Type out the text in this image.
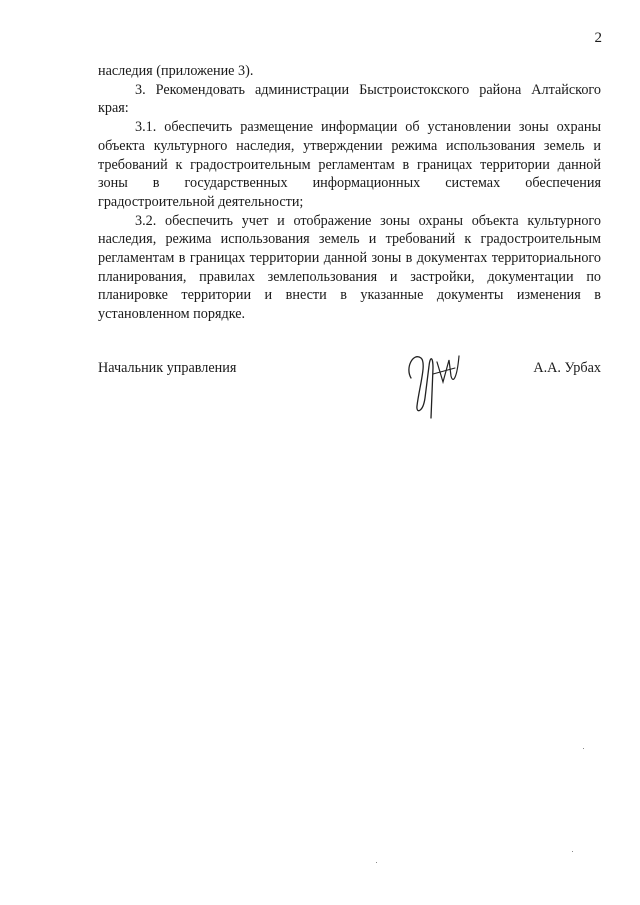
2

наследия (приложение 3).

3. Рекомендовать администрации Быстроистокского района Алтайского края:

3.1. обеспечить размещение информации об установлении зоны охраны объекта культурного наследия, утверждении режима использования земель и требований к градостроительным регламентам в границах территории данной зоны в государственных информационных системах обеспечения градостроительной деятельности;

3.2. обеспечить учет и отображение зоны охраны объекта культурного наследия, режима использования земель и требований к градостроительным регламентам в границах территории данной зоны в документах территориального планирования, правилах землепользования и застройки, документации по планировке территории и внести в указанные документы изменения в установленном порядке.

Начальник управления	А.А. Урбах
